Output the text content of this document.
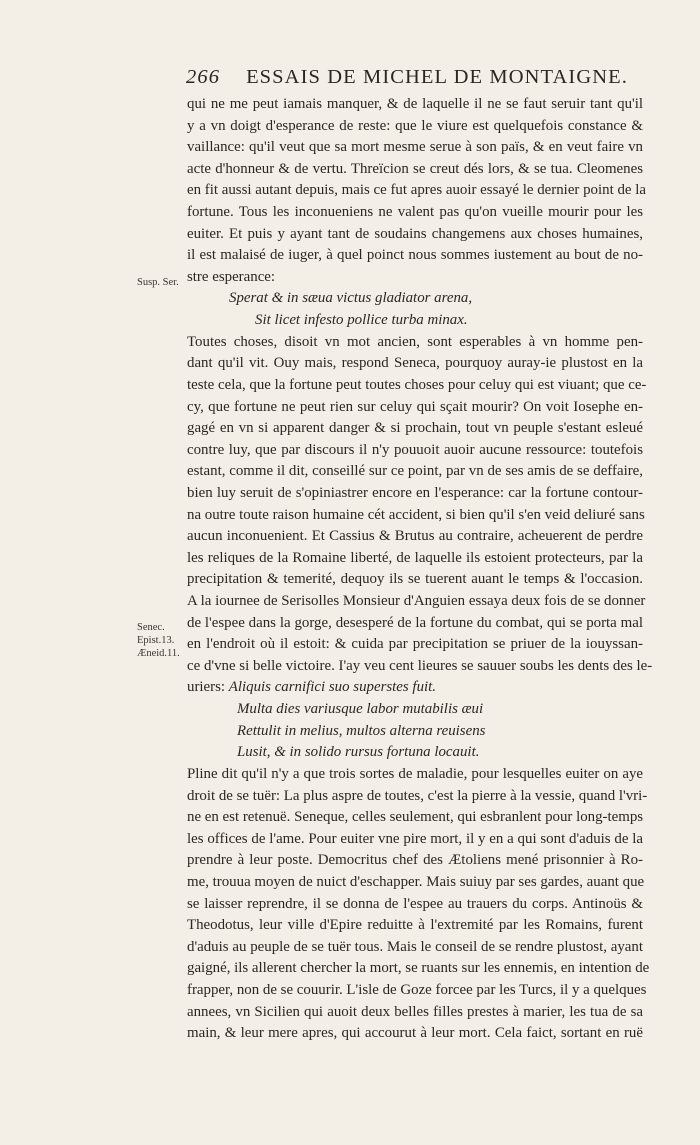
266 ESSAIS DE MICHEL DE MONTAIGNE.
Susp. Ser.
Senec.
Epist.13.
Æneid.11.
qui ne me peut iamais manquer, & de laquelle il ne se faut seruir tant qu'il
y a vn doigt d'esperance de reste: que le viure est quelquefois constance &
vaillance: qu'il veut que sa mort mesme serue à son païs, & en veut faire vn
acte d'honneur & de vertu. Threïcion se creut dés lors, & se tua. Cleomenes
en fit aussi autant depuis, mais ce fut apres auoir essayé le dernier point de la
fortune. Tous les inconueniens ne valent pas qu'on vueille mourir pour les
euiter. Et puis y ayant tant de soudains changemens aux choses humaines,
il est malaisé de iuger, à quel poinct nous sommes iustement au bout de no-
stre esperance:
Sperat & in sæua victus gladiator arena,
Sit licet infesto pollice turba minax.
Toutes choses, disoit vn mot ancien, sont esperables à vn homme pen-
dant qu'il vit. Ouy mais, respond Seneca, pourquoy auray-ie plustost en la
teste cela, que la fortune peut toutes choses pour celuy qui est viuant; que ce-
cy, que fortune ne peut rien sur celuy qui sçait mourir? On voit Iosephe en-
gagé en vn si apparent danger & si prochain, tout vn peuple s'estant esleué
contre luy, que par discours il n'y pouuoit auoir aucune ressource: toutefois
estant, comme il dit, conseillé sur ce point, par vn de ses amis de se deffaire,
bien luy seruit de s'opiniastrer encore en l'esperance: car la fortune contour-
na outre toute raison humaine cét accident, si bien qu'il s'en veid deliuré sans
aucun inconuenient. Et Cassius & Brutus au contraire, acheuerent de perdre
les reliques de la Romaine liberté, de laquelle ils estoient protecteurs, par la
precipitation & temerité, dequoy ils se tuerent auant le temps & l'occasion.
A la iournee de Serisolles Monsieur d'Anguien essaya deux fois de se donner
de l'espee dans la gorge, desesperé de la fortune du combat, qui se porta mal
en l'endroit où il estoit: & cuida par precipitation se priuer de la iouyssan-
ce d'vne si belle victoire. I'ay veu cent lieures se sauuer soubs les dents des le-
uriers: Aliquis carnifici suo superstes fuit.
Multa dies variusque labor mutabilis æui
Rettulit in melius, multos alterna reuisens
Lusit, & in solido rursus fortuna locauit.
Pline dit qu'il n'y a que trois sortes de maladie, pour lesquelles euiter on aye
droit de se tuër: La plus aspre de toutes, c'est la pierre à la vessie, quand l'vri-
ne en est retenuë. Seneque, celles seulement, qui esbranlent pour long-temps
les offices de l'ame. Pour euiter vne pire mort, il y en a qui sont d'aduis de la
prendre à leur poste. Democritus chef des Ætoliens mené prisonnier à Ro-
me, trouua moyen de nuict d'eschapper. Mais suiuy par ses gardes, auant que
se laisser reprendre, il se donna de l'espee au trauers du corps. Antinoüs &
Theodotus, leur ville d'Epire reduitte à l'extremité par les Romains, furent
d'aduis au peuple de se tuër tous. Mais le conseil de se rendre plustost, ayant
gaigné, ils allerent chercher la mort, se ruants sur les ennemis, en intention de
frapper, non de se couurir. L'isle de Goze forcee par les Turcs, il y a quelques
annees, vn Sicilien qui auoit deux belles filles prestes à marier, les tua de sa
main, & leur mere apres, qui accourut à leur mort. Cela faict, sortant en ruë
